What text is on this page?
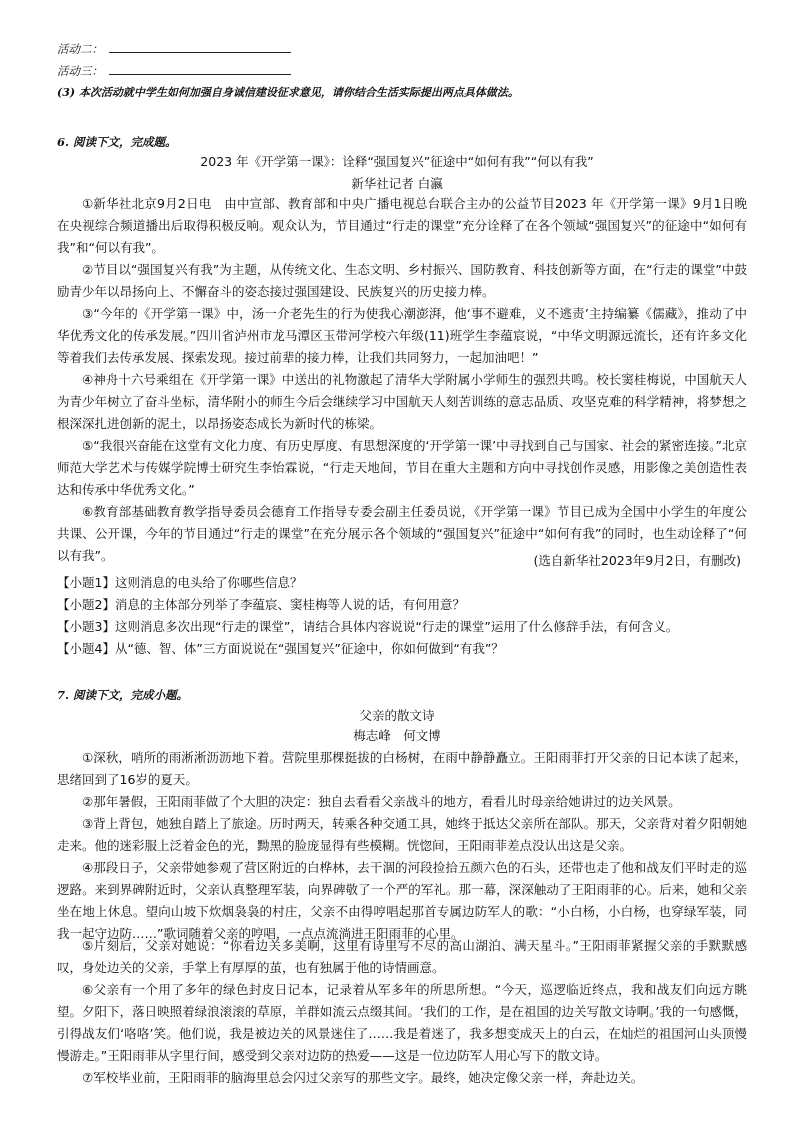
活动二：
活动三：
(3) 本次活动就中学生如何加强自身诚信建设征求意见，请你结合生活实际提出两点具体做法。
6. 阅读下文，完成题。
2023 年《开学第一课》：诠释“强国复兴”征途中“如何有我”“何以有我”
新华社记者 白瀛
①新华社北京9月2日电　由中宣部、教育部和中央广播电视总台联合主办的公益节目2023 年《开学第一课》9月1日晚在央视综合频道播出后取得积极反响。观众认为，节目通过“行走的课堂”充分诠释了在各个领域“强国复兴”的征途中“如何有我”和“何以有我”。
②节目以“强国复兴有我”为主题，从传统文化、生态文明、乡村振兴、国防教育、科技创新等方面，在“行走的课堂”中鼓励青少年以昂扬向上、不懈奋斗的姿态接过强国建设、民族复兴的历史接力棒。
③“今年的《开学第一课》中，汤一介老先生的行为使我心潮澎湃，他‘事不避难，义不逃责’主持编纂《儒藏》，推动了中华优秀文化的传承发展。”四川省泸州市龙马潭区玉带河学校六年级(11)班学生李蕴宸说，“中华文明源远流长，还有许多文化等着我们去传承发展、探索发现。接过前辈的接力棒，让我们共同努力，一起加油吧！”
④神舟十六号乘组在《开学第一课》中送出的礼物激起了清华大学附属小学师生的强烈共鸣。校长窦桂梅说，中国航天人为青少年树立了奋斗坐标，清华附小的师生今后会继续学习中国航天人刻苦训练的意志品质、攻坚克难的科学精神，将梦想之根深深扎进创新的泥土，以昂扬姿态成长为新时代的栋梁。
⑤“我很兴奋能在这堂有文化力度、有历史厚度、有思想深度的‘开学第一课’中寻找到自己与国家、社会的紧密连接。”北京师范大学艺术与传媒学院博士研究生李怡霖说，“行走天地间，节目在重大主题和方向中寻找创作灵感，用影像之美创造性表达和传承中华优秀文化。”
⑥教育部基础教育教学指导委员会德育工作指导专委会副主任委员说，《开学第一课》节目已成为全国中小学生的年度公共课、公开课，今年的节目通过“行走的课堂”在充分展示各个领域的“强国复兴”征途中“如何有我”的同时，也生动诠释了“何以有我”。	(选自新华社2023年9月2日，有删改)
【小题1】这则消息的电头给了你哪些信息？
【小题2】消息的主体部分列举了李蕴宸、窦桂梅等人说的话，有何用意？
【小题3】这则消息多次出现“行走的课堂”，请结合具体内容说说“行走的课堂”运用了什么修辞手法，有何含义。
【小题4】从“德、智、体”三方面说说在“强国复兴”征途中，你如何做到“有我”？
7. 阅读下文，完成小题。
父亲的散文诗
梅志峰　何文博
①深秋，哨所的雨淅淅沥沥地下着。营院里那棵挺拔的白杨树，在雨中静静矗立。王阳雨菲打开父亲的日记本读了起来，思绪回到了16岁的夏天。
②那年暑假，王阳雨菲做了个大胆的决定：独自去看看父亲战斗的地方，看看儿时母亲给她讲过的边关风景。
③背上背包，她独自踏上了旅途。历时两天，转乘各种交通工具，她终于抵达父亲所在部队。那天，父亲背对着夕阳朝她走来。他的迷彩服上泛着金色的光，黝黑的脸庞显得有些模糊。恍惚间，王阳雨菲差点没认出这是父亲。
④那段日子，父亲带她参观了营区附近的白桦林，去干涸的河段捡拾五颜六色的石头，还带也走了他和战友们平时走的巡逻路。来到界碑附近时，父亲认真整理军装，向界碑敬了一个严的军礼。那一幕，深深触动了王阳雨菲的心。后来，她和父亲坐在地上休息。望向山坡下炊烟袅袅的村庄，父亲不由得哼唱起那首专属边防军人的歌：“小白杨，小白杨，也穿绿军装，同我一起守边防……”歌词随着父亲的哼唱，一点点流淌进王阳雨菲的心里。
⑤片刻后，父亲对她说：“你看边关多美啊，这里有诗里写不尽的高山湖泊、满天星斗。”王阳雨菲紧握父亲的手默默感叹，身处边关的父亲，手掌上有厚厚的茧，也有独属于他的诗情画意。
⑥父亲有一个用了多年的绿色封皮日记本，记录着从军多年的所思所想。“今天，巡逻临近终点，我和战友们向远方眺望。夕阳下，落日映照着绿浪滚滚的草原，羊群如流云点缀其间。‘我们的工作，是在祖国的边关写散文诗啊。’我的一句感慨，引得战友们‘咯咯’笑。他们说，我是被边关的风景迷住了……我是着迷了，我多想变成天上的白云，在灿烂的祖国河山头顶慢慢游走。”王阳雨菲从字里行间，感受到父亲对边防的热爱——这是一位边防军人用心写下的散文诗。
⑦军校毕业前，王阳雨菲的脑海里总会闪过父亲写的那些文字。最终，她决定像父亲一样，奔赴边关。
